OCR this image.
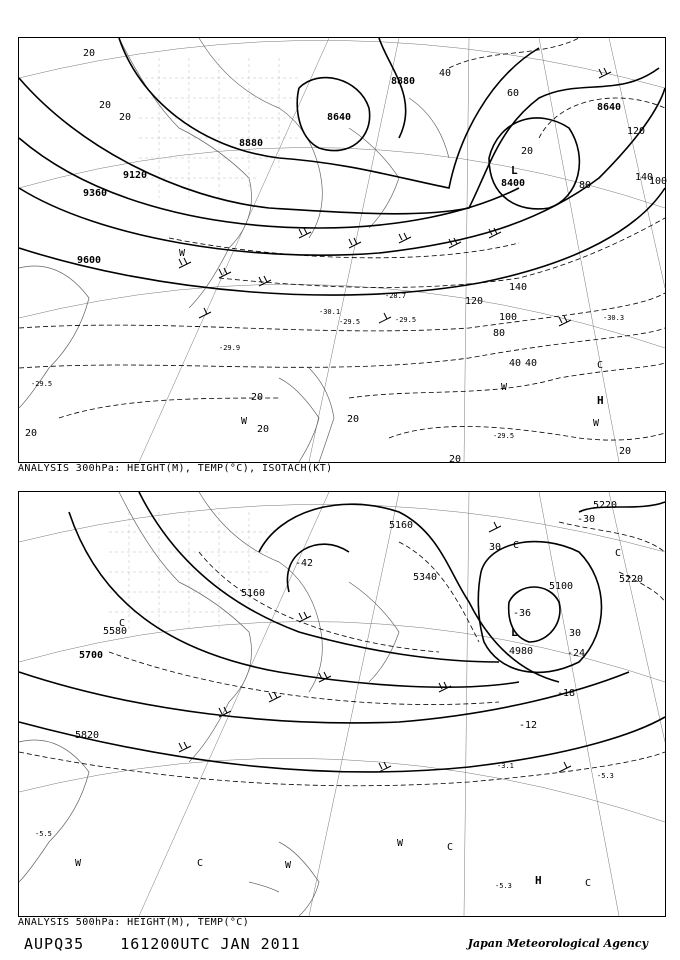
9600
9360
9120
8880
8880
8640
8640
8400
20
20
20
20
20
20
20
20
40
40
60
80
100
120
140
140
120
100
80
40
20
20
-29.9
-30.1
-29.5	-30.3
-28.7
-29.5
-29.5
-29.5
L
H
W
W
W
W
C
ANALYSIS 300hPa: HEIGHT(M), TEMP(°C), ISOTACH(KT)
5700
5580
5820
5340
5160
5160
5100
5220
5220
4980
-42
-36
-30
-24
-18
-12
30
30
-5.3
-3.1
-5.3
-5.5
L
H
W	C	W
W	C
C
C
C
C
ANALYSIS 500hPa: HEIGHT(M), TEMP(°C)
AUPQ35 161200UTC JAN 2011	Japan Meteorological Agency
